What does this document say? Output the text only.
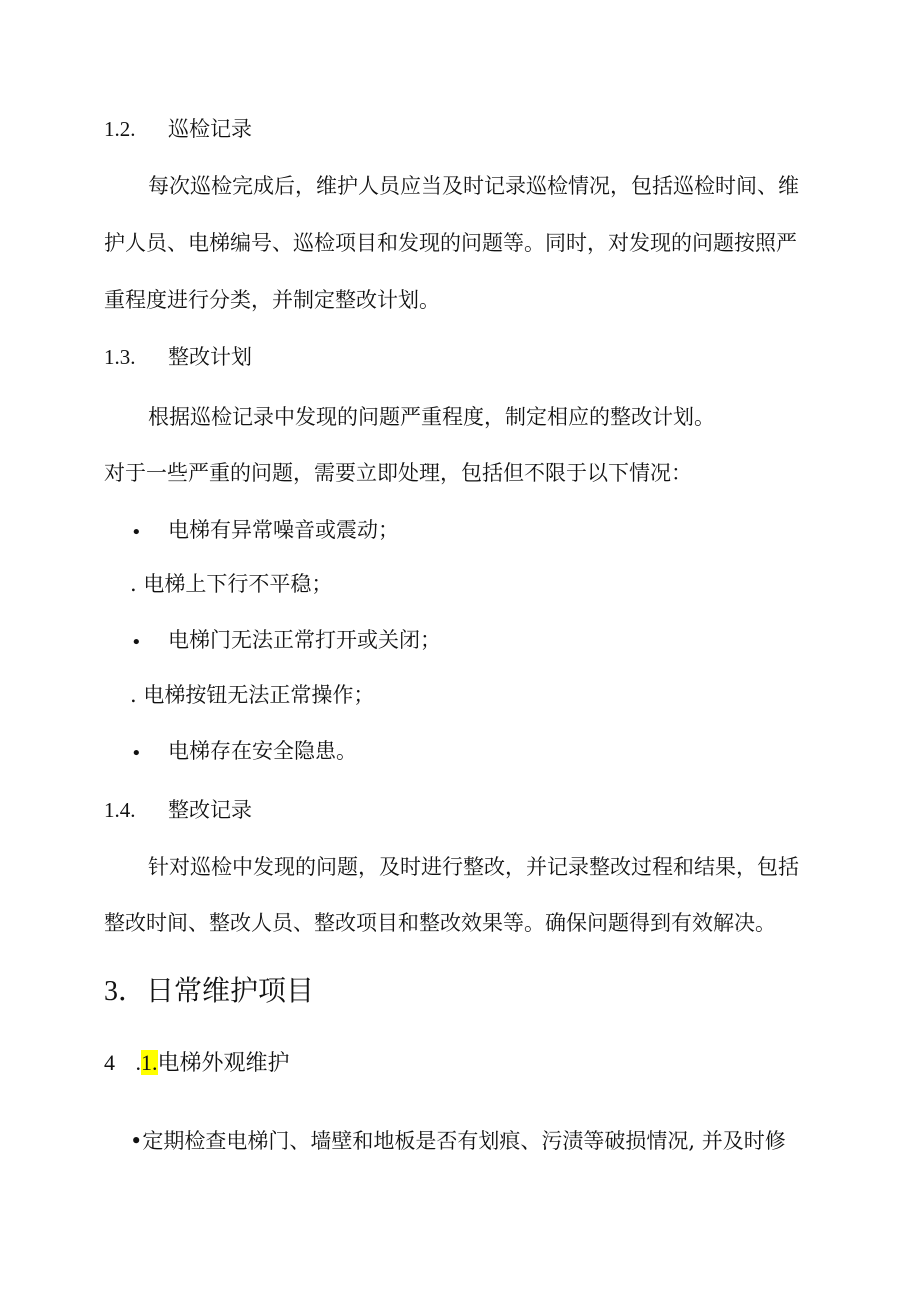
1.2. 巡检记录
每次巡检完成后，维护人员应当及时记录巡检情况，包括巡检时间、维
护人员、电梯编号、巡检项目和发现的问题等。同时，对发现的问题按照严
重程度进行分类，并制定整改计划。
1.3. 整改计划
根据巡检记录中发现的问题严重程度，制定相应的整改计划。
对于一些严重的问题，需要立即处理，包括但不限于以下情况：
• 电梯有异常噪音或震动；
. 电梯上下行不平稳；
• 电梯门无法正常打开或关闭；
. 电梯按钮无法正常操作；
• 电梯存在安全隐患。
1.4. 整改记录
针对巡检中发现的问题，及时进行整改，并记录整改过程和结果，包括
整改时间、整改人员、整改项目和整改效果等。确保问题得到有效解决。
3．日常维护项目
4 .1.电梯外观维护
•定期检查电梯门、墙壁和地板是否有划痕、污渍等破损情况, 并及时修
